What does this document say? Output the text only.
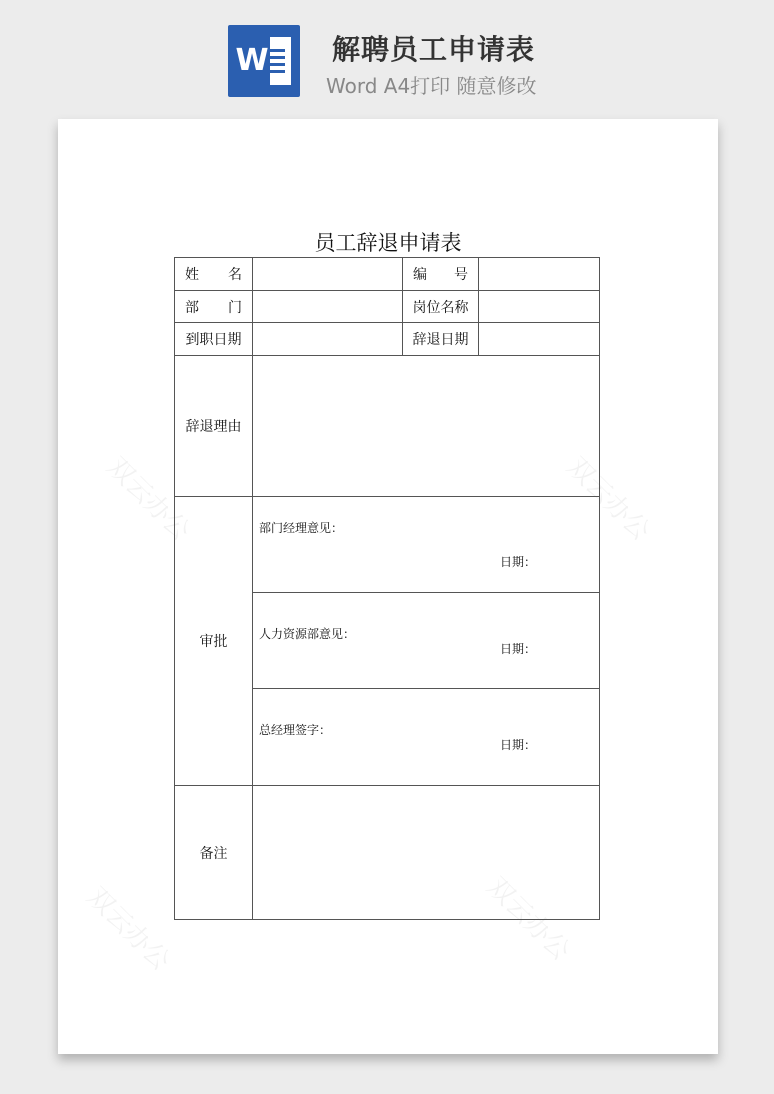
W 解聘员工申请表
Word A4打印 随意修改
双云办公	双云办公
双云办公	双云办公
员工辞退申请表
姓 名		编 号	
部 门		岗位名称	
到职日期		辞退日期	
辞退理由			
审批	部门经理意见：
日期：		

	人力资源部意见：
日期：		

	总经理签字：
日期：		

备注			
